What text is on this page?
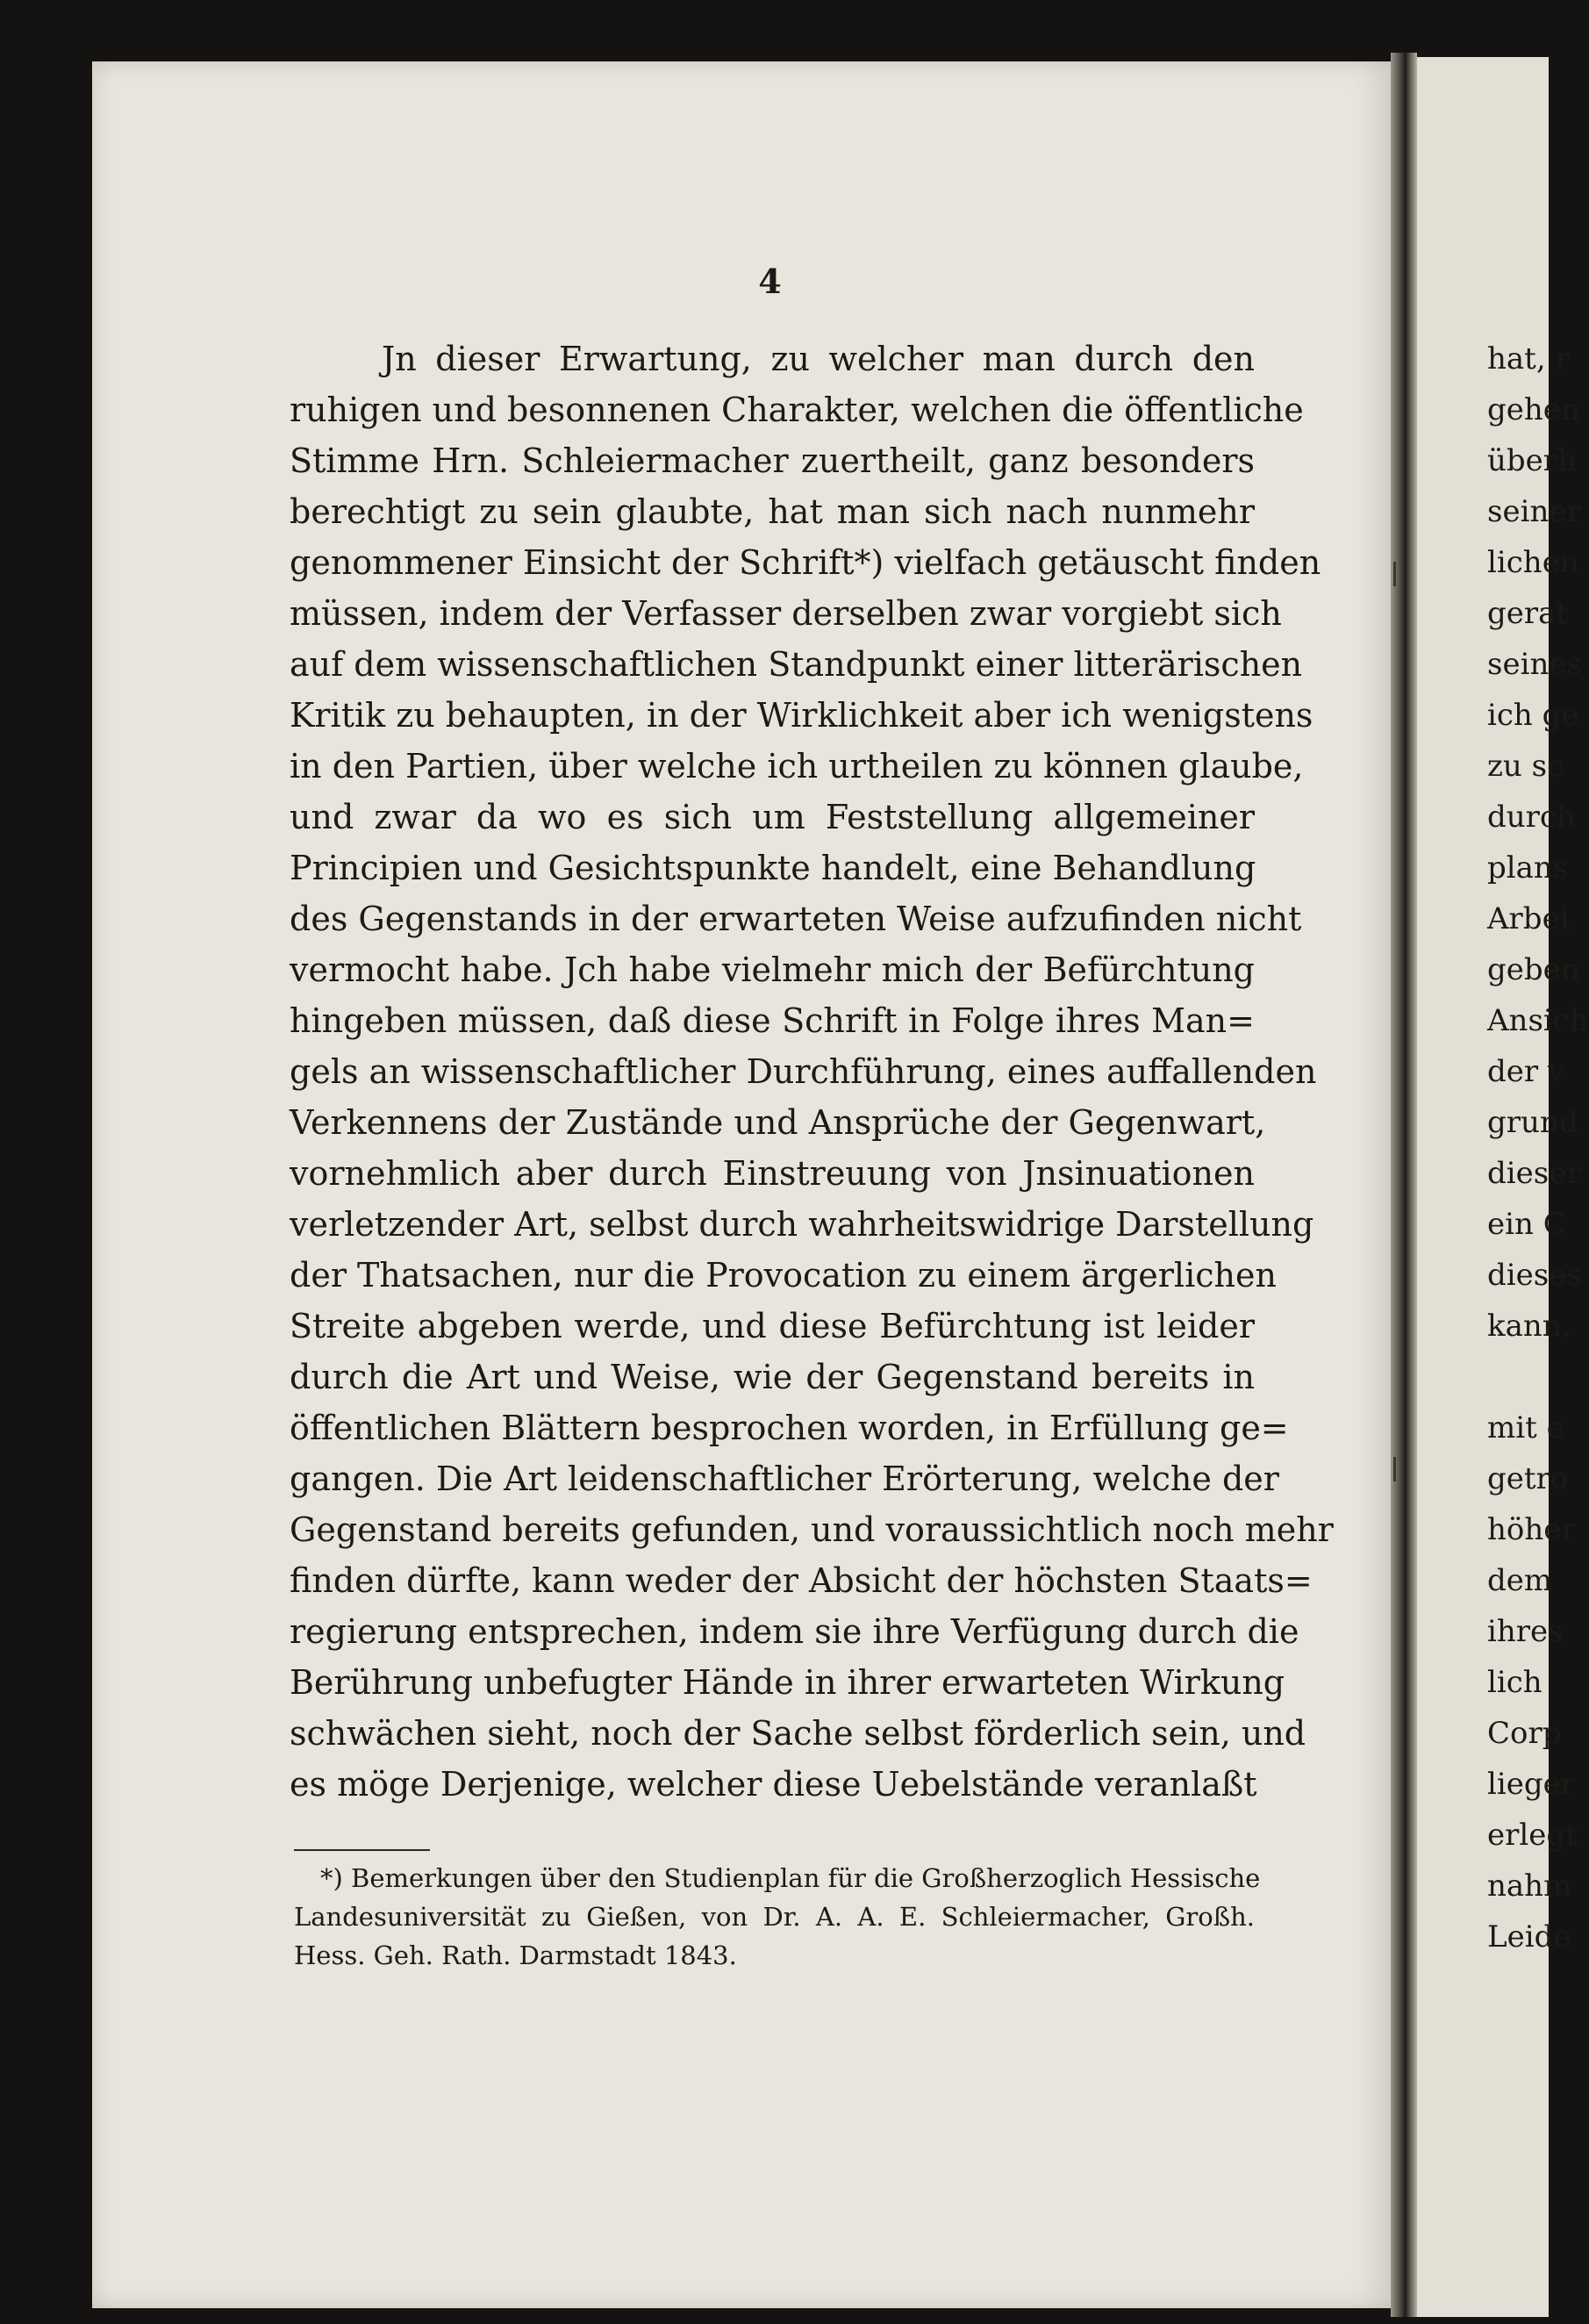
4
Jn dieser Erwartung, zu welcher man durch den
ruhigen und besonnenen Charakter, welchen die öffentliche
Stimme Hrn. Schleiermacher zuertheilt, ganz besonders
berechtigt zu sein glaubte, hat man sich nach nunmehr
genommener Einsicht der Schrift*) vielfach getäuscht finden
müssen, indem der Verfasser derselben zwar vorgiebt sich
auf dem wissenschaftlichen Standpunkt einer litterärischen
Kritik zu behaupten, in der Wirklichkeit aber ich wenigstens
in den Partien, über welche ich urtheilen zu können glaube,
und zwar da wo es sich um Feststellung allgemeiner
Principien und Gesichtspunkte handelt, eine Behandlung
des Gegenstands in der erwarteten Weise aufzufinden nicht
vermocht habe. Jch habe vielmehr mich der Befürchtung
hingeben müssen, daß diese Schrift in Folge ihres Man=
gels an wissenschaftlicher Durchführung, eines auffallenden
Verkennens der Zustände und Ansprüche der Gegenwart,
vornehmlich aber durch Einstreuung von Jnsinuationen
verletzender Art, selbst durch wahrheitswidrige Darstellung
der Thatsachen, nur die Provocation zu einem ärgerlichen
Streite abgeben werde, und diese Befürchtung ist leider
durch die Art und Weise, wie der Gegenstand bereits in
öffentlichen Blättern besprochen worden, in Erfüllung ge=
gangen. Die Art leidenschaftlicher Erörterung, welche der
Gegenstand bereits gefunden, und voraussichtlich noch mehr
finden dürfte, kann weder der Absicht der höchsten Staats=
regierung entsprechen, indem sie ihre Verfügung durch die
Berührung unbefugter Hände in ihrer erwarteten Wirkung
schwächen sieht, noch der Sache selbst förderlich sein, und
es möge Derjenige, welcher diese Uebelstände veranlaßt
*) Bemerkungen über den Studienplan für die Großherzoglich Hessische
Landesuniversität zu Gießen, von Dr. A. A. E. Schleiermacher, Großh.
Hess. Geh. Rath. Darmstadt 1843.
hat, r
gehen
überh
seiner
lichen
gerat
seines
ich ge
zu sc
durch
plans
Arbei
geben
Ansich
der v
grund
dieser
ein C
dieses
kann.
mit e
getro
höher
dem
ihres
lich
Corp
lieger
erlegt
nahm
Leide
